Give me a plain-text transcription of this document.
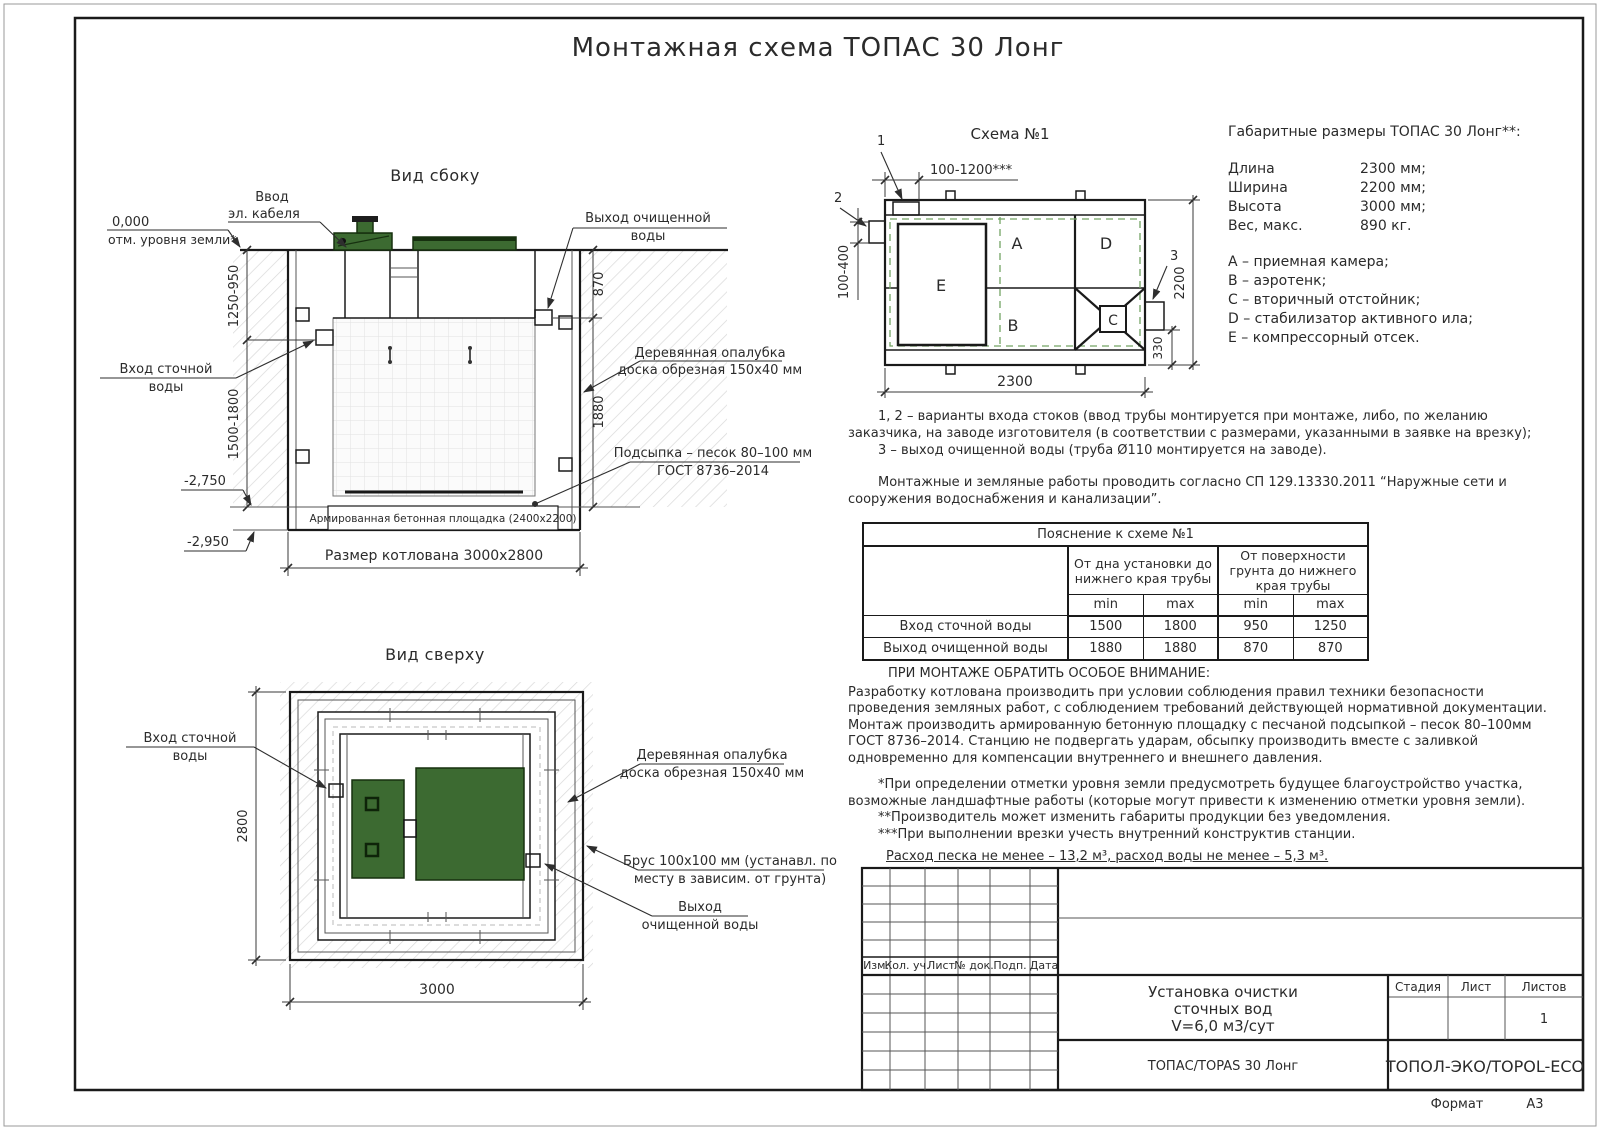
Монтажная схема ТОПАС 30 Лонг
Вид сбоку
Армированная бетонная площадка (2400х2200)
0,000
отм. уровня земли*
1250-950
1500-1800
870
1880
Размер котлована 3000х2800
-2,750
-2,950
Ввод
эл. кабеля	Выход очищенной
воды
Вход сточной
воды
Деревянная опалубка
доска обрезная 150х40 мм
Подсыпка – песок 80–100 мм
ГОСТ 8736–2014
Вид сверху
2800
3000
Вход сточной
воды	Деревянная опалубка
доска обрезная 150х40 мм
Брус 100х100 мм (устанавл. по
месту в зависим. от грунта)
Выход
очищенной воды
Схема №1
A	D
B
E
C
1
2
3
100-1200***
100-400	2200
330
2300
Изм.
Кол. уч.
Лист № док. Подп. Дата
Установка очистки
сточных вод
V=6,0 м3/сут
Стадия Лист	Листов
1
ТОПАС/TOPAS 30 Лонг	ТОПОЛ-ЭКО/TOPOL-ECO
Формат	А3
Габаритные размеры ТОПАС 30 Лонг**:
Длина	2300 мм;
Ширина	2200 мм;
Высота	3000 мм;
Вес, макс.	890 кг.
А – приемная камера;
В – аэротенк;
С – вторичный отстойник;
D – стабилизатор активного ила;
E – компрессорный отсек.

1, 2 – варианты входа стоков (ввод трубы монтируется при монтаже, либо, по желанию заказчика, на заводе изготовителя (в соответствии с размерами, указанными в заявке на врезку);

3 – выход очищенной воды (труба Ø110 монтируется на заводе).

Монтажные и земляные работы проводить согласно СП 129.13330.2011 “Наружные сети и сооружения водоснабжения и канализации”.

Пояснение к схеме №1				
	От дна установки до нижнего края трубы		От поверхности грунта до нижнего края трубы	
	min	max	min	max
Вход сточной воды	1500	1800	950	1250
Выход очищенной воды	1880	1880	870	870

ПРИ МОНТАЖЕ ОБРАТИТЬ ОСОБОЕ ВНИМАНИЕ:

Разработку котлована производить при условии соблюдения правил техники безопасности проведения земляных работ, с соблюдением требований действующей нормативной документации. Монтаж производить армированную бетонную площадку с песчаной подсыпкой – песок 80–100мм ГОСТ 8736–2014. Станцию не подвергать ударам, обсыпку производить вместе с заливкой одновременно для компенсации внутреннего и внешнего давления.

*При определении отметки уровня земли предусмотреть будущее благоустройство участка, возможные ландшафтные работы (которые могут привести к изменению отметки уровня земли).

**Производитель может изменить габариты продукции без уведомления.

***При выполнении врезки учесть внутренний конструктив станции.

Расход песка не менее – 13,2 м³, расход воды не менее – 5,3 м³.
